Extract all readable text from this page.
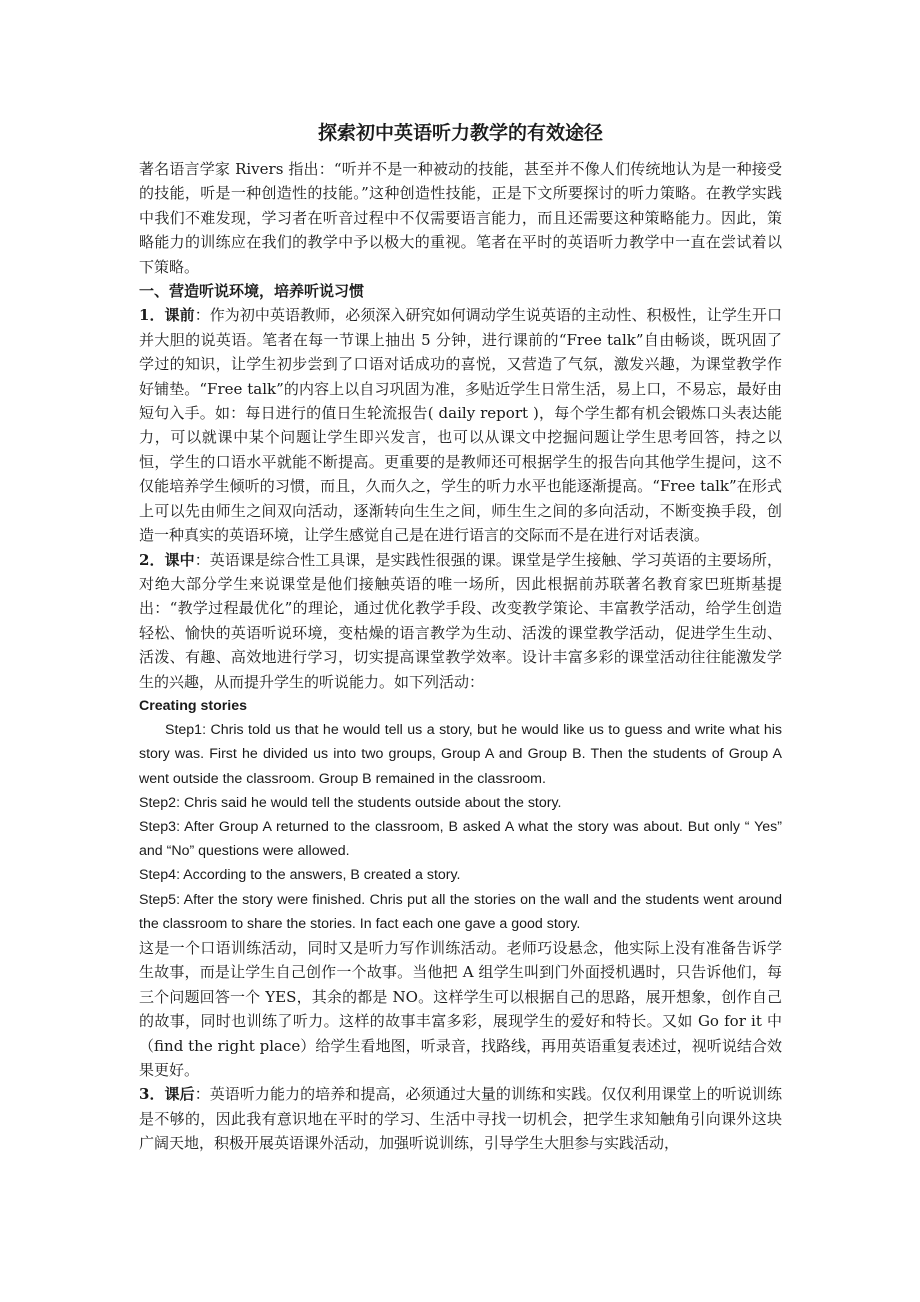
探索初中英语听力教学的有效途径

著名语言学家 Rivers 指出：“听并不是一种被动的技能，甚至并不像人们传统地认为是一种接受的技能，听是一种创造性的技能。”这种创造性技能，正是下文所要探讨的听力策略。在教学实践中我们不难发现，学习者在听音过程中不仅需要语言能力，而且还需要这种策略能力。因此，策略能力的训练应在我们的教学中予以极大的重视。笔者在平时的英语听力教学中一直在尝试着以下策略。

一、营造听说环境，培养听说习惯

1．课前：作为初中英语教师，必须深入研究如何调动学生说英语的主动性、积极性，让学生开口并大胆的说英语。笔者在每一节课上抽出 5 分钟，进行课前的“Free talk”自由畅谈，既巩固了学过的知识，让学生初步尝到了口语对话成功的喜悦，又营造了气氛，激发兴趣，为课堂教学作好铺垫。“Free talk”的内容上以自习巩固为准，多贴近学生日常生活，易上口，不易忘，最好由短句入手。如：每日进行的值日生轮流报告( daily report )，每个学生都有机会锻炼口头表达能力，可以就课中某个问题让学生即兴发言，也可以从课文中挖掘问题让学生思考回答，持之以恒，学生的口语水平就能不断提高。更重要的是教师还可根据学生的报告向其他学生提问，这不仅能培养学生倾听的习惯，而且，久而久之，学生的听力水平也能逐渐提高。“Free talk”在形式上可以先由师生之间双向活动，逐渐转向生生之间，师生生之间的多向活动，不断变换手段，创造一种真实的英语环境，让学生感觉自己是在进行语言的交际而不是在进行对话表演。

2．课中：英语课是综合性工具课，是实践性很强的课。课堂是学生接触、学习英语的主要场所，对绝大部分学生来说课堂是他们接触英语的唯一场所，因此根据前苏联著名教育家巴班斯基提出：“教学过程最优化”的理论，通过优化教学手段、改变教学策论、丰富教学活动，给学生创造轻松、愉快的英语听说环境，变枯燥的语言教学为生动、活泼的课堂教学活动，促进学生生动、活泼、有趣、高效地进行学习，切实提高课堂教学效率。设计丰富多彩的课堂活动往往能激发学生的兴趣，从而提升学生的听说能力。如下列活动：

Creating stories

Step1: Chris told us that he would tell us a story, but he would like us to guess and write what his story was. First he divided us into two groups, Group A and Group B. Then the students of Group A went outside the classroom. Group B remained in the classroom.

Step2: Chris said he would tell the students outside about the story.

Step3: After Group A returned to the classroom, B asked A what the story was about. But only “ Yes” and “No” questions were allowed.

Step4: According to the answers, B created a story.

Step5: After the story were finished. Chris put all the stories on the wall and the students went around the classroom to share the stories. In fact each one gave a good story.

这是一个口语训练活动，同时又是听力写作训练活动。老师巧设悬念，他实际上没有准备告诉学生故事，而是让学生自己创作一个故事。当他把 A 组学生叫到门外面授机遇时，只告诉他们，每三个问题回答一个 YES，其余的都是 NO。这样学生可以根据自己的思路，展开想象，创作自己的故事，同时也训练了听力。这样的故事丰富多彩，展现学生的爱好和特长。又如 Go for it 中（find the right place）给学生看地图，听录音，找路线，再用英语重复表述过，视听说结合效果更好。

3．课后：英语听力能力的培养和提高，必须通过大量的训练和实践。仅仅利用课堂上的听说训练是不够的，因此我有意识地在平时的学习、生活中寻找一切机会，把学生求知触角引向课外这块广阔天地，积极开展英语课外活动，加强听说训练，引导学生大胆参与实践活动，
